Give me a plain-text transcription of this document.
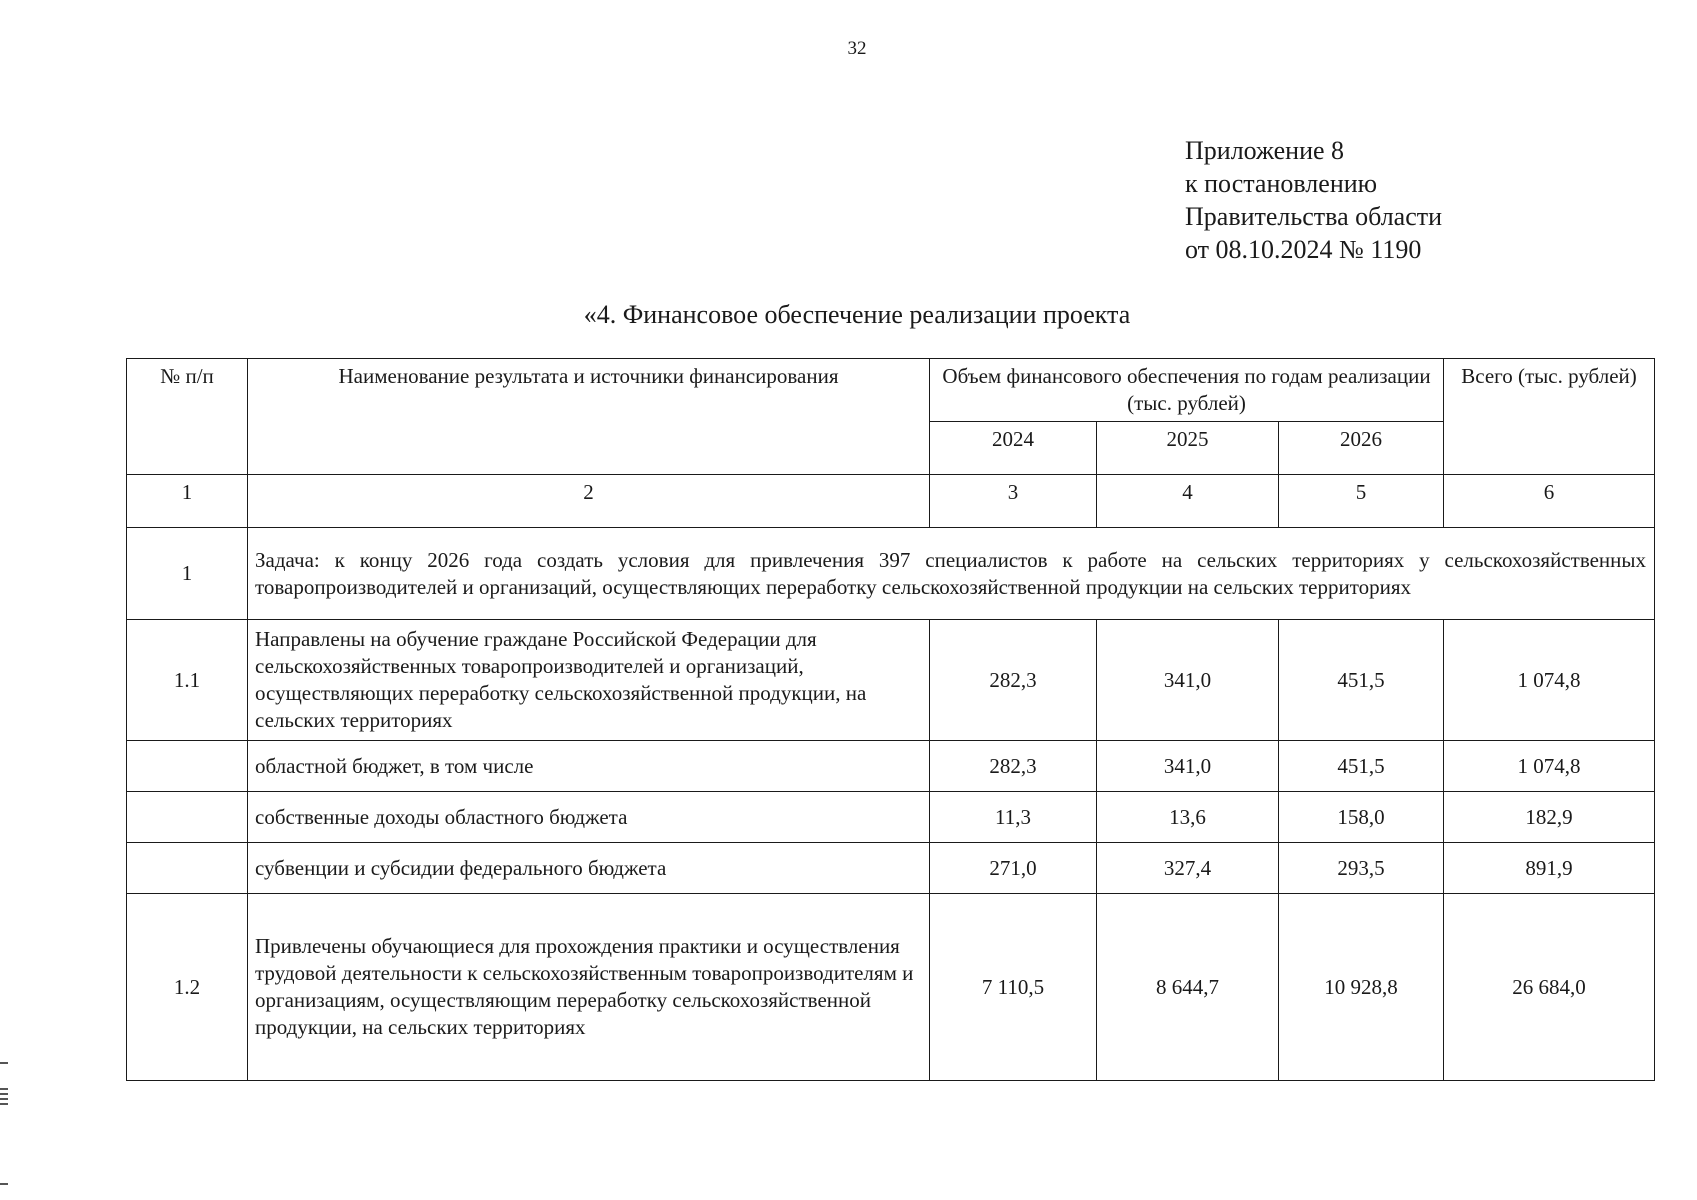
32
Приложение 8
к постановлению
Правительства области
от 08.10.2024 № 1190
«4. Финансовое обеспечение реализации проекта
№ п/п	Наименование результата и источники финансирования	Объем финансового обеспечения по годам реализации (тыс. рублей)			Всего (тыс. рублей)
		2024	2025	2026	
1	2	3	4	5	6
1	Задача: к концу 2026 года создать условия для привлечения 397 специалистов к работе на сельских территориях у сельскохозяйственных товаропроизводителей и организаций, осуществляющих переработку сельскохозяйственной продукции на сельских территориях				
1.1	Направлены на обучение граждане Российской Федерации для сельскохозяйственных товаропроизводителей и организаций, осуществляющих переработку сельскохозяйственной продукции, на сельских территориях	282,3	341,0	451,5	1 074,8
	областной бюджет, в том числе	282,3	341,0	451,5	1 074,8
	собственные доходы областного бюджета	11,3	13,6	158,0	182,9
	субвенции и субсидии федерального бюджета	271,0	327,4	293,5	891,9
1.2	Привлечены обучающиеся для прохождения практики и осуществления трудовой деятельности к сельскохозяйственным товаропроизводителям и организациям, осуществляющим переработку сельскохозяйственной продукции, на сельских территориях	7 110,5	8 644,7	10 928,8	26 684,0
